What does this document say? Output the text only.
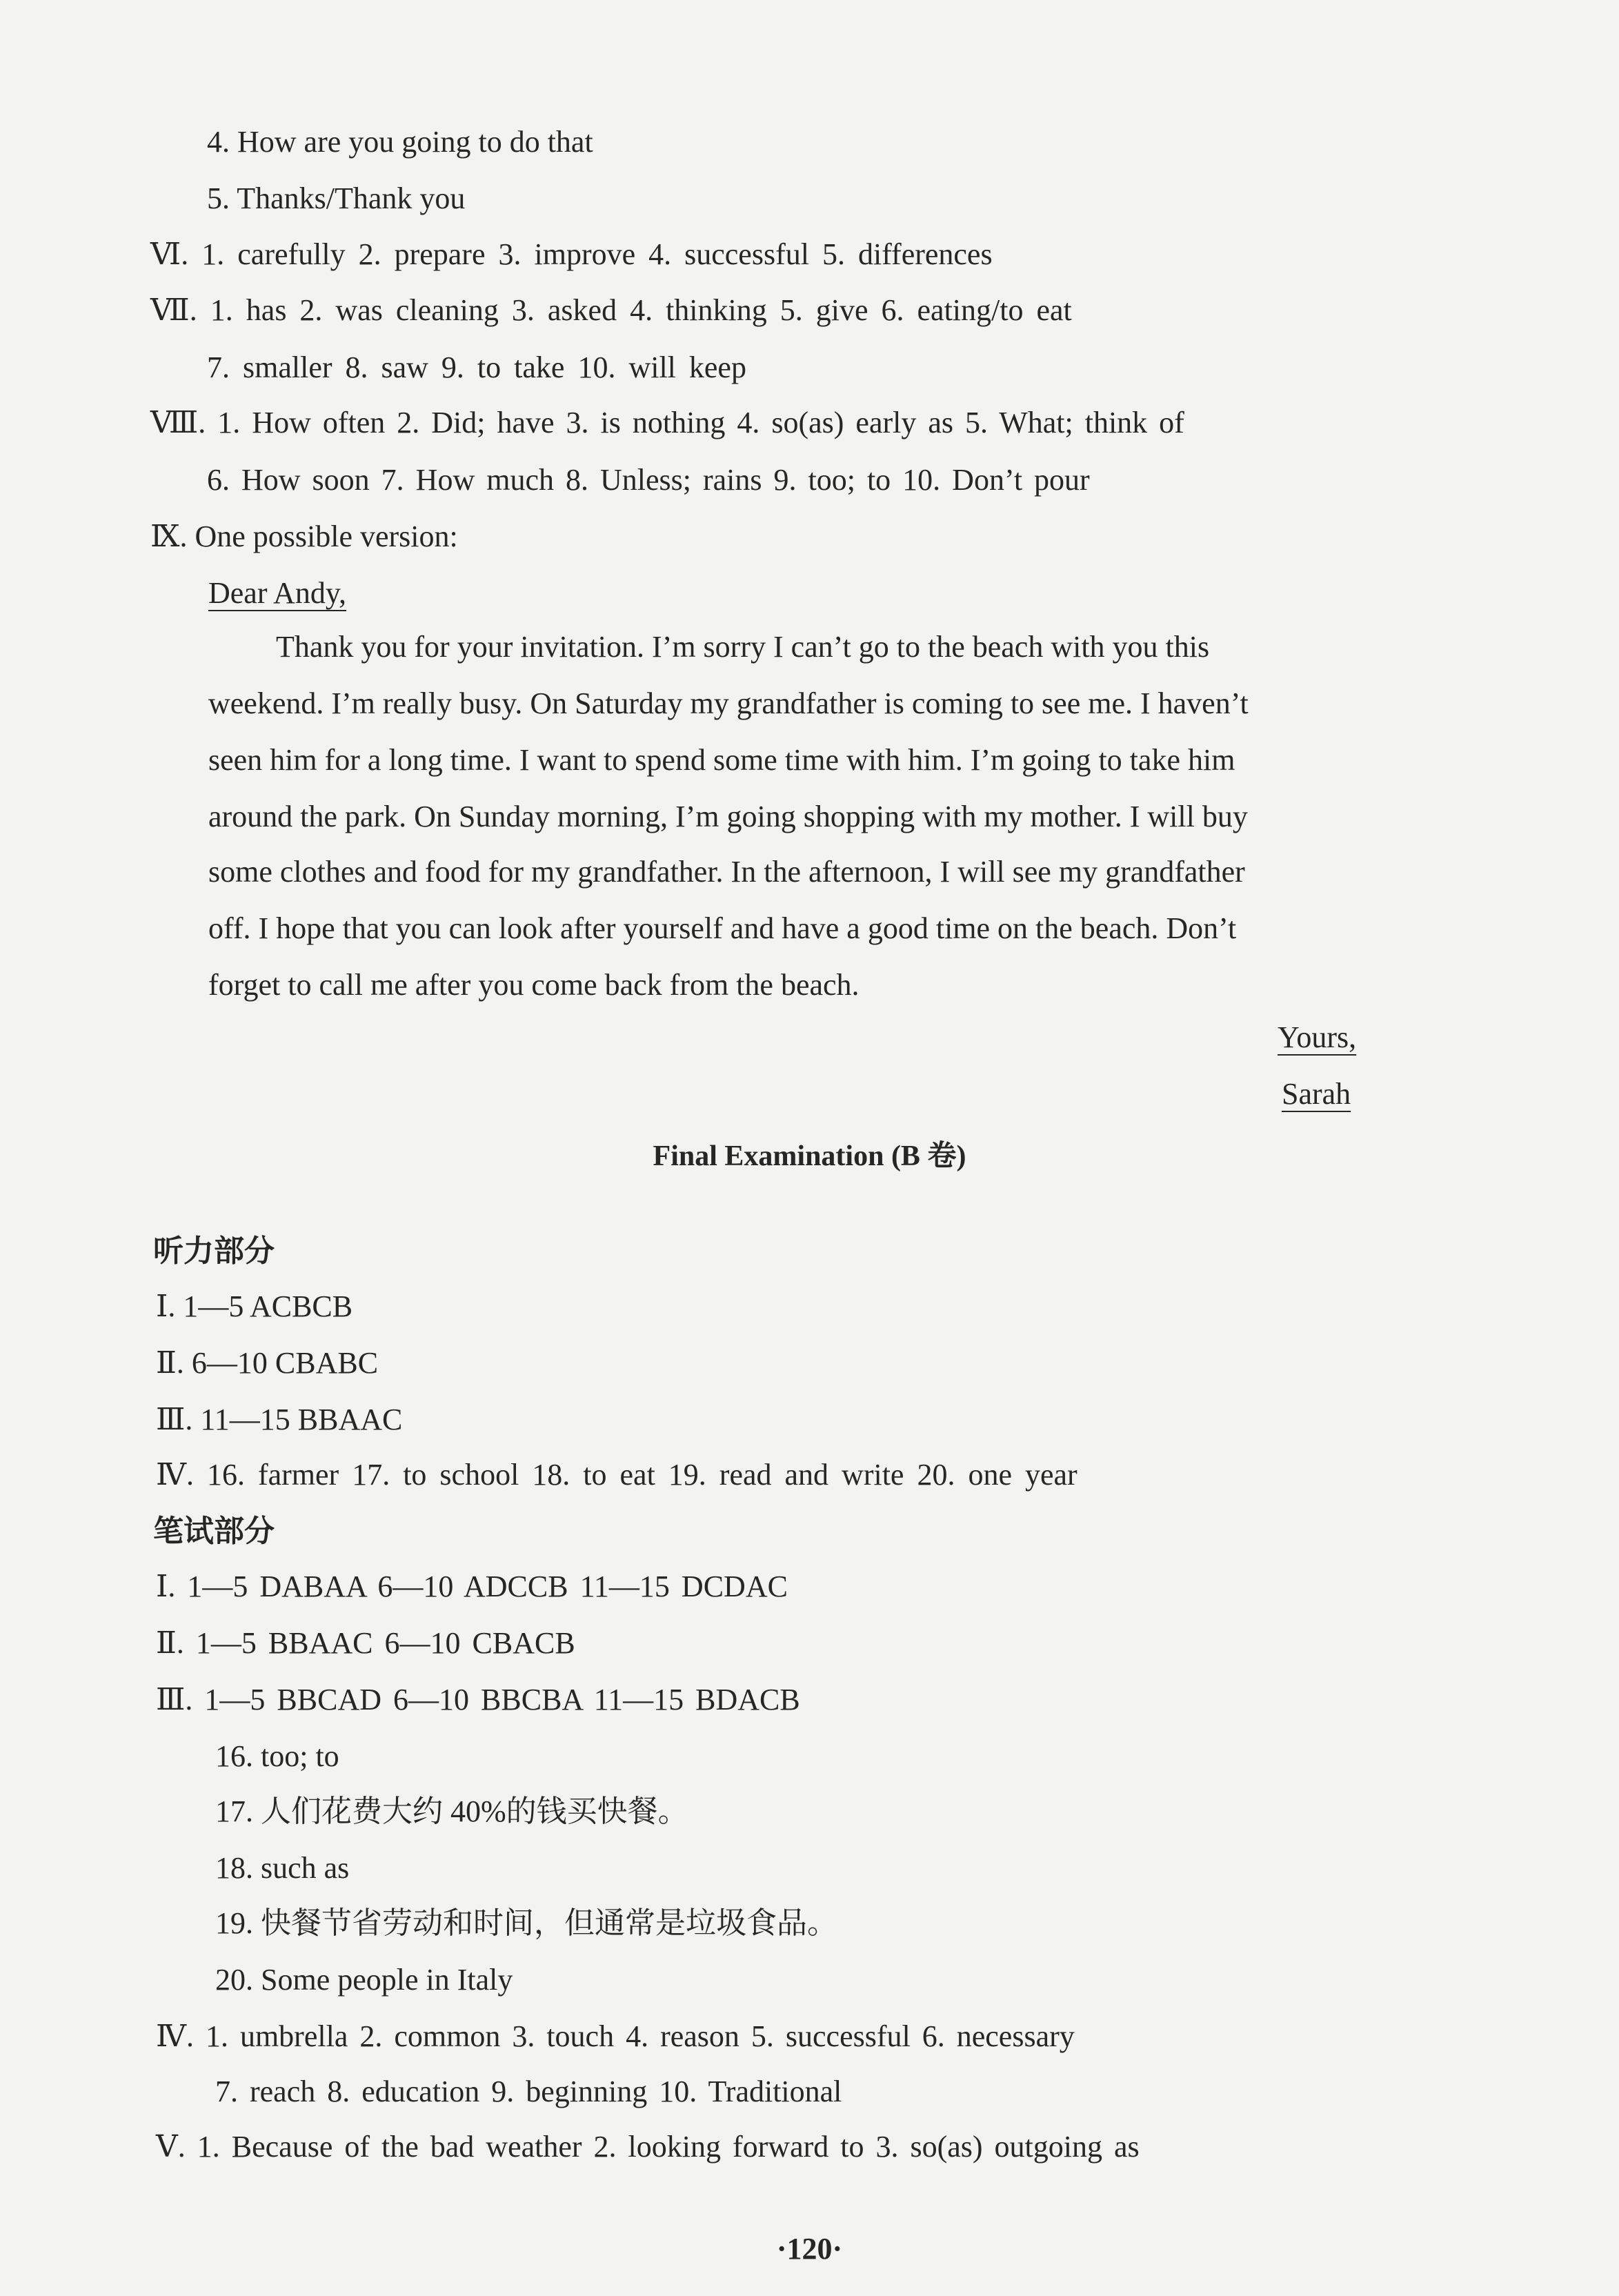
4. How are you going to do that
5. Thanks/Thank you
Ⅵ. 1. carefully 2. prepare 3. improve 4. successful 5. differences
Ⅶ. 1. has 2. was cleaning 3. asked 4. thinking 5. give 6. eating/to eat
7. smaller 8. saw 9. to take 10. will keep
Ⅷ. 1. How often 2. Did; have 3. is nothing 4. so(as) early as 5. What; think of
6. How soon 7. How much 8. Unless; rains 9. too; to 10. Don’t pour
Ⅸ. One possible version:
Dear Andy,
Thank you for your invitation. I’m sorry I can’t go to the beach with you this
weekend. I’m really busy. On Saturday my grandfather is coming to see me. I haven’t
seen him for a long time. I want to spend some time with him. I’m going to take him
around the park. On Sunday morning, I’m going shopping with my mother. I will buy
some clothes and food for my grandfather. In the afternoon, I will see my grandfather
off. I hope that you can look after yourself and have a good time on the beach. Don’t
forget to call me after you come back from the beach.
Yours,
Sarah
Final Examination (B 卷)
听力部分
Ⅰ. 1—5 ACBCB
Ⅱ. 6—10 CBABC
Ⅲ. 11—15 BBAAC
Ⅳ. 16. farmer 17. to school 18. to eat 19. read and write 20. one year
笔试部分
Ⅰ. 1—5 DABAA 6—10 ADCCB 11—15 DCDAC
Ⅱ. 1—5 BBAAC 6—10 CBACB
Ⅲ. 1—5 BBCAD 6—10 BBCBA 11—15 BDACB
16. too; to
17. 人们花费大约 40%的钱买快餐。
18. such as
19. 快餐节省劳动和时间，但通常是垃圾食品。
20. Some people in Italy
Ⅳ. 1. umbrella 2. common 3. touch 4. reason 5. successful 6. necessary
7. reach 8. education 9. beginning 10. Traditional
Ⅴ. 1. Because of the bad weather 2. looking forward to 3. so(as) outgoing as
·120·
